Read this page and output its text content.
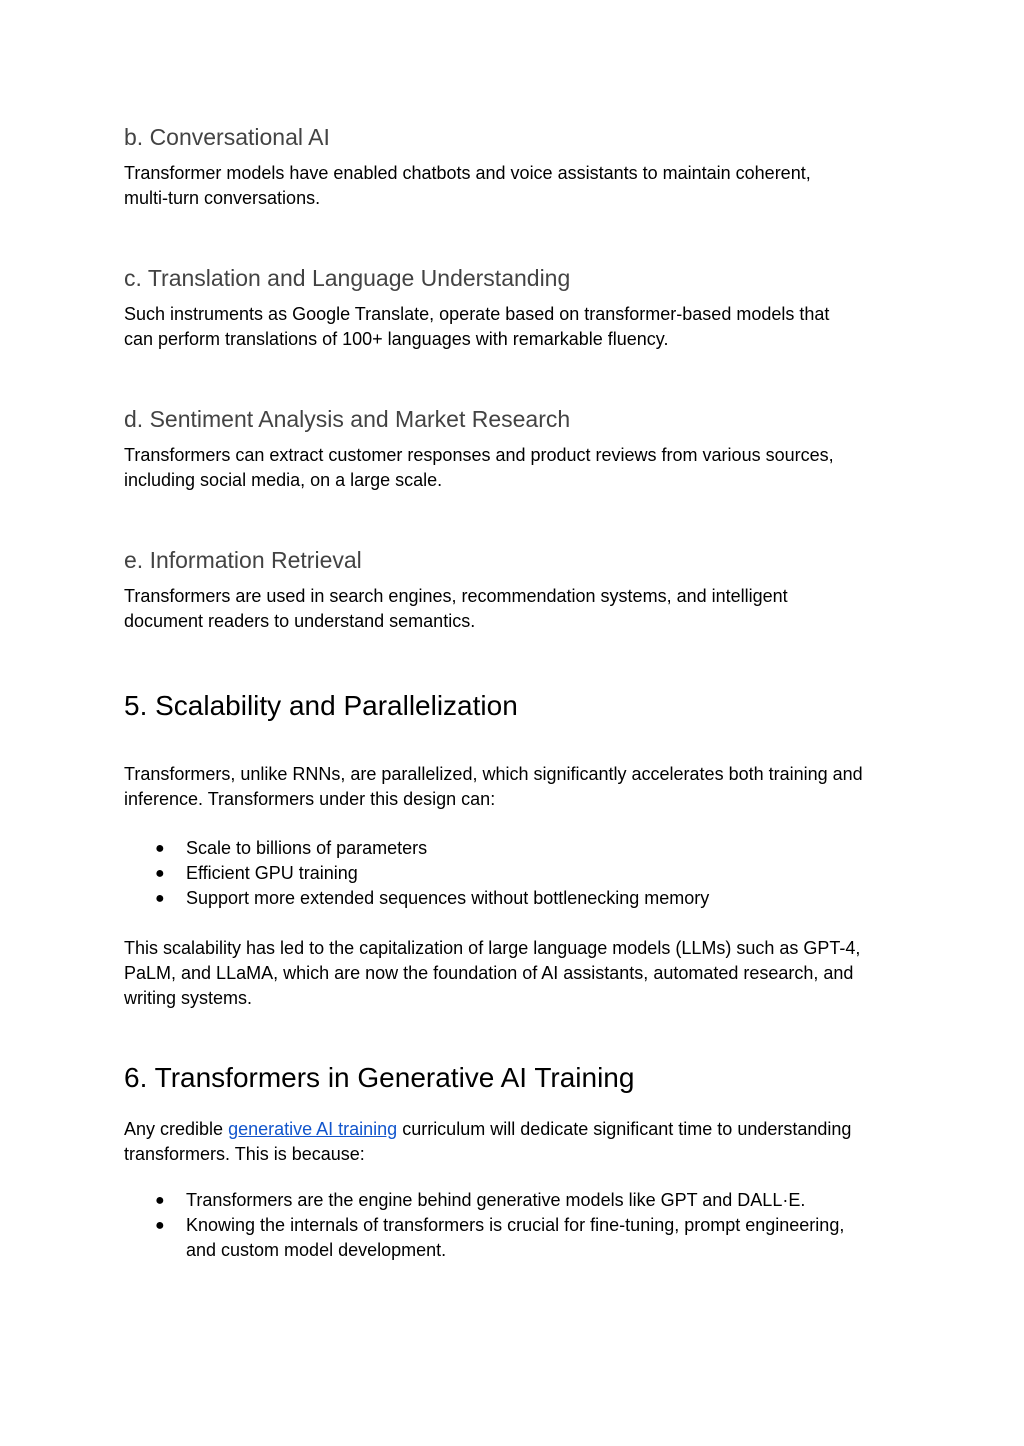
b. Conversational AI

Transformer models have enabled chatbots and voice assistants to maintain coherent,
multi-turn conversations.

c. Translation and Language Understanding

Such instruments as Google Translate, operate based on transformer-based models that
can perform translations of 100+ languages with remarkable fluency.

d. Sentiment Analysis and Market Research

Transformers can extract customer responses and product reviews from various sources,
including social media, on a large scale.

e. Information Retrieval

Transformers are used in search engines, recommendation systems, and intelligent
document readers to understand semantics.

5. Scalability and Parallelization

Transformers, unlike RNNs, are parallelized, which significantly accelerates both training and
inference. Transformers under this design can:

● Scale to billions of parameters
● Efficient GPU training
● Support more extended sequences without bottlenecking memory

This scalability has led to the capitalization of large language models (LLMs) such as GPT-4,
PaLM, and LLaMA, which are now the foundation of AI assistants, automated research, and
writing systems.

6. Transformers in Generative AI Training

Any credible generative AI training curriculum will dedicate significant time to understanding
transformers. This is because:

● Transformers are the engine behind generative models like GPT and DALL·E.
● Knowing the internals of transformers is crucial for fine-tuning, prompt engineering,
and custom model development.
